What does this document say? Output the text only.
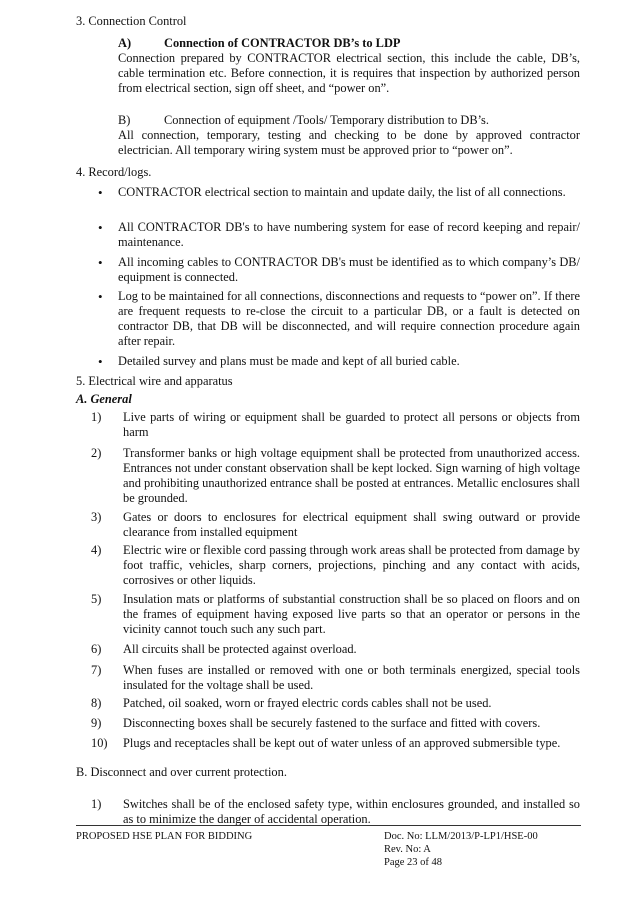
3. Connection Control
A)	Connection of CONTRACTOR DB’s to LDP
Connection prepared by CONTRACTOR electrical section, this include the cable, DB’s, cable termination etc. Before connection, it is requires that inspection by authorized person from electrical section, sign off sheet, and “power on”.
B)	Connection of equipment /Tools/ Temporary distribution to DB’s.
All connection, temporary, testing and checking to be done by approved contractor electrician. All temporary wiring system must be approved prior to “power on”.
4. Record/logs.
• CONTRACTOR electrical section to maintain and update daily, the list of all connections.
• All CONTRACTOR DB's to have numbering system for ease of record keeping and repair/ maintenance.
• All incoming cables to CONTRACTOR DB's must be identified as to which company’s DB/ equipment is connected.
• Log to be maintained for all connections, disconnections and requests to “power on”. If there are frequent requests to re-close the circuit to a particular DB, or a fault is detected on contractor DB, that DB will be disconnected, and will require connection procedure again after repair.
• Detailed survey and plans must be made and kept of all buried cable.
5. Electrical wire and apparatus
A. General
1) Live parts of wiring or equipment shall be guarded to protect all persons or objects from harm
2) Transformer banks or high voltage equipment shall be protected from unauthorized access. Entrances not under constant observation shall be kept locked. Sign warning of high voltage and prohibiting unauthorized entrance shall be posted at entrances. Metallic enclosures shall be grounded.
3) Gates or doors to enclosures for electrical equipment shall swing outward or provide clearance from installed equipment
4) Electric wire or flexible cord passing through work areas shall be protected from damage by foot traffic, vehicles, sharp corners, projections, pinching and any contact with acids, corrosives or other liquids.
5) Insulation mats or platforms of substantial construction shall be so placed on floors and on the frames of equipment having exposed live parts so that an operator or persons in the vicinity cannot touch such any such part.
6) All circuits shall be protected against overload.
7) When fuses are installed or removed with one or both terminals energized, special tools insulated for the voltage shall be used.
8) Patched, oil soaked, worn or frayed electric cords cables shall not be used.
9) Disconnecting boxes shall be securely fastened to the surface and fitted with covers.
10) Plugs and receptacles shall be kept out of water unless of an approved submersible type.
B. Disconnect and over current protection.
1) Switches shall be of the enclosed safety type, within enclosures grounded, and installed so as to minimize the danger of accidental operation.
PROPOSED HSE PLAN FOR BIDDING	Doc. No: LLM/2013/P-LP1/HSE-00
Rev. No: A
Page 23 of 48
